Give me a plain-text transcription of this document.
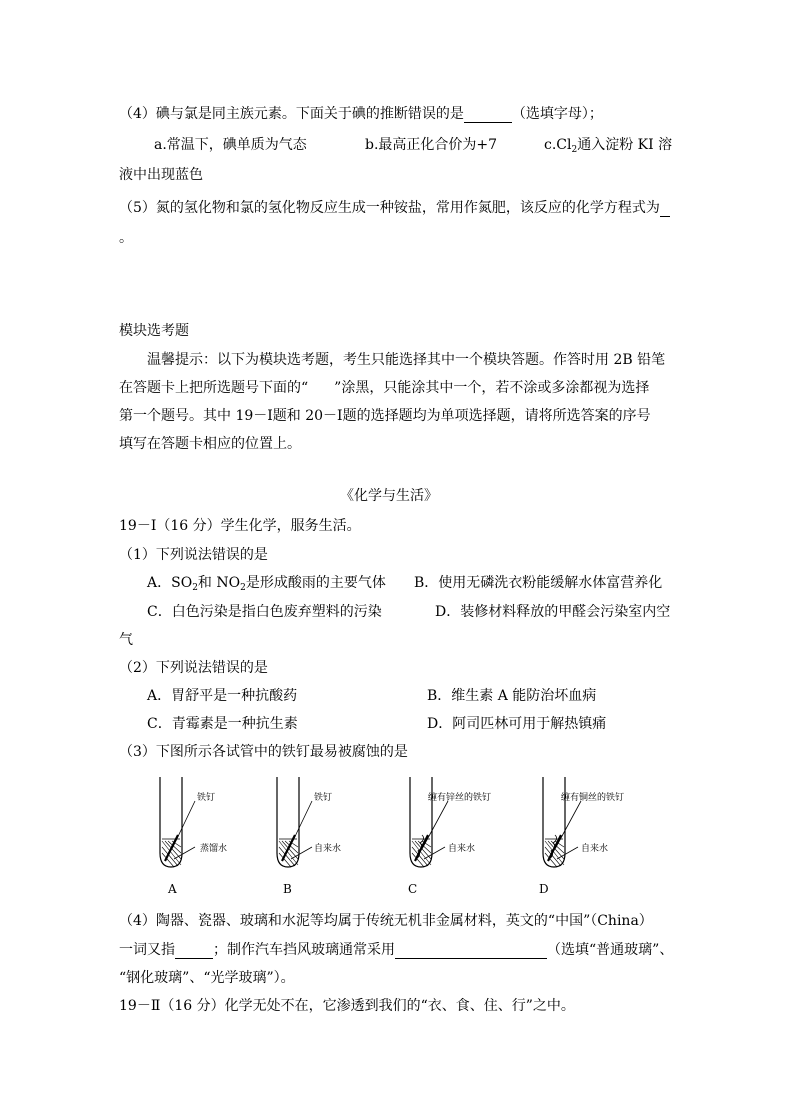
（4）碘与氯是同主族元素。下面关于碘的推断错误的是	（选填字母）；
a.常温下，碘单质为气态	b.最高正化合价为+7	$c.Cl_2$通入淀粉 KI 溶
液中出现蓝色
（5）氮的氢化物和氯的氢化物反应生成一种铵盐，常用作氮肥，该反应的化学方程式为
。
模块选考题
温馨提示：以下为模块选考题，考生只能选择其中一个模块答题。作答时用 2B 铅笔
在答题卡上把所选题号下面的“ ”涂黑，只能涂其中一个，若不涂或多涂都视为选择
第一个题号。其中 19－Ⅰ题和 20－Ⅰ题的选择题均为单项选择题，请将所选答案的序号
填写在答题卡相应的位置上。
《化学与生活》
19－Ⅰ（16 分）学生化学，服务生活。
（1）下列说法错误的是
A．$SO_2$和 $NO_2$是形成酸雨的主要气体 B．使用无磷洗衣粉能缓解水体富营养化
C．白色污染是指白色废弃塑料的污染	D．装修材料释放的甲醛会污染室内空
气
（2）下列说法错误的是
A．胃舒平是一种抗酸药	B．维生素 A 能防治坏血病
C．青霉素是一种抗生素	D．阿司匹林可用于解热镇痛
（3）下图所示各试管中的铁钉最易被腐蚀的是
铁钉
蒸馏水
A
铁钉
自来水
B
缠有锌丝的铁钉
自来水
C
缠有铜丝的铁钉
自来水
D
（4）陶器、瓷器、玻璃和水泥等均属于传统无机非金属材料，英文的“中国”（China）
一词又指	；制作汽车挡风玻璃通常采用	（选填“普通玻璃”、
“钢化玻璃”、“光学玻璃”）。
19－Ⅱ（16 分）化学无处不在，它渗透到我们的“衣、食、住、行”之中。
